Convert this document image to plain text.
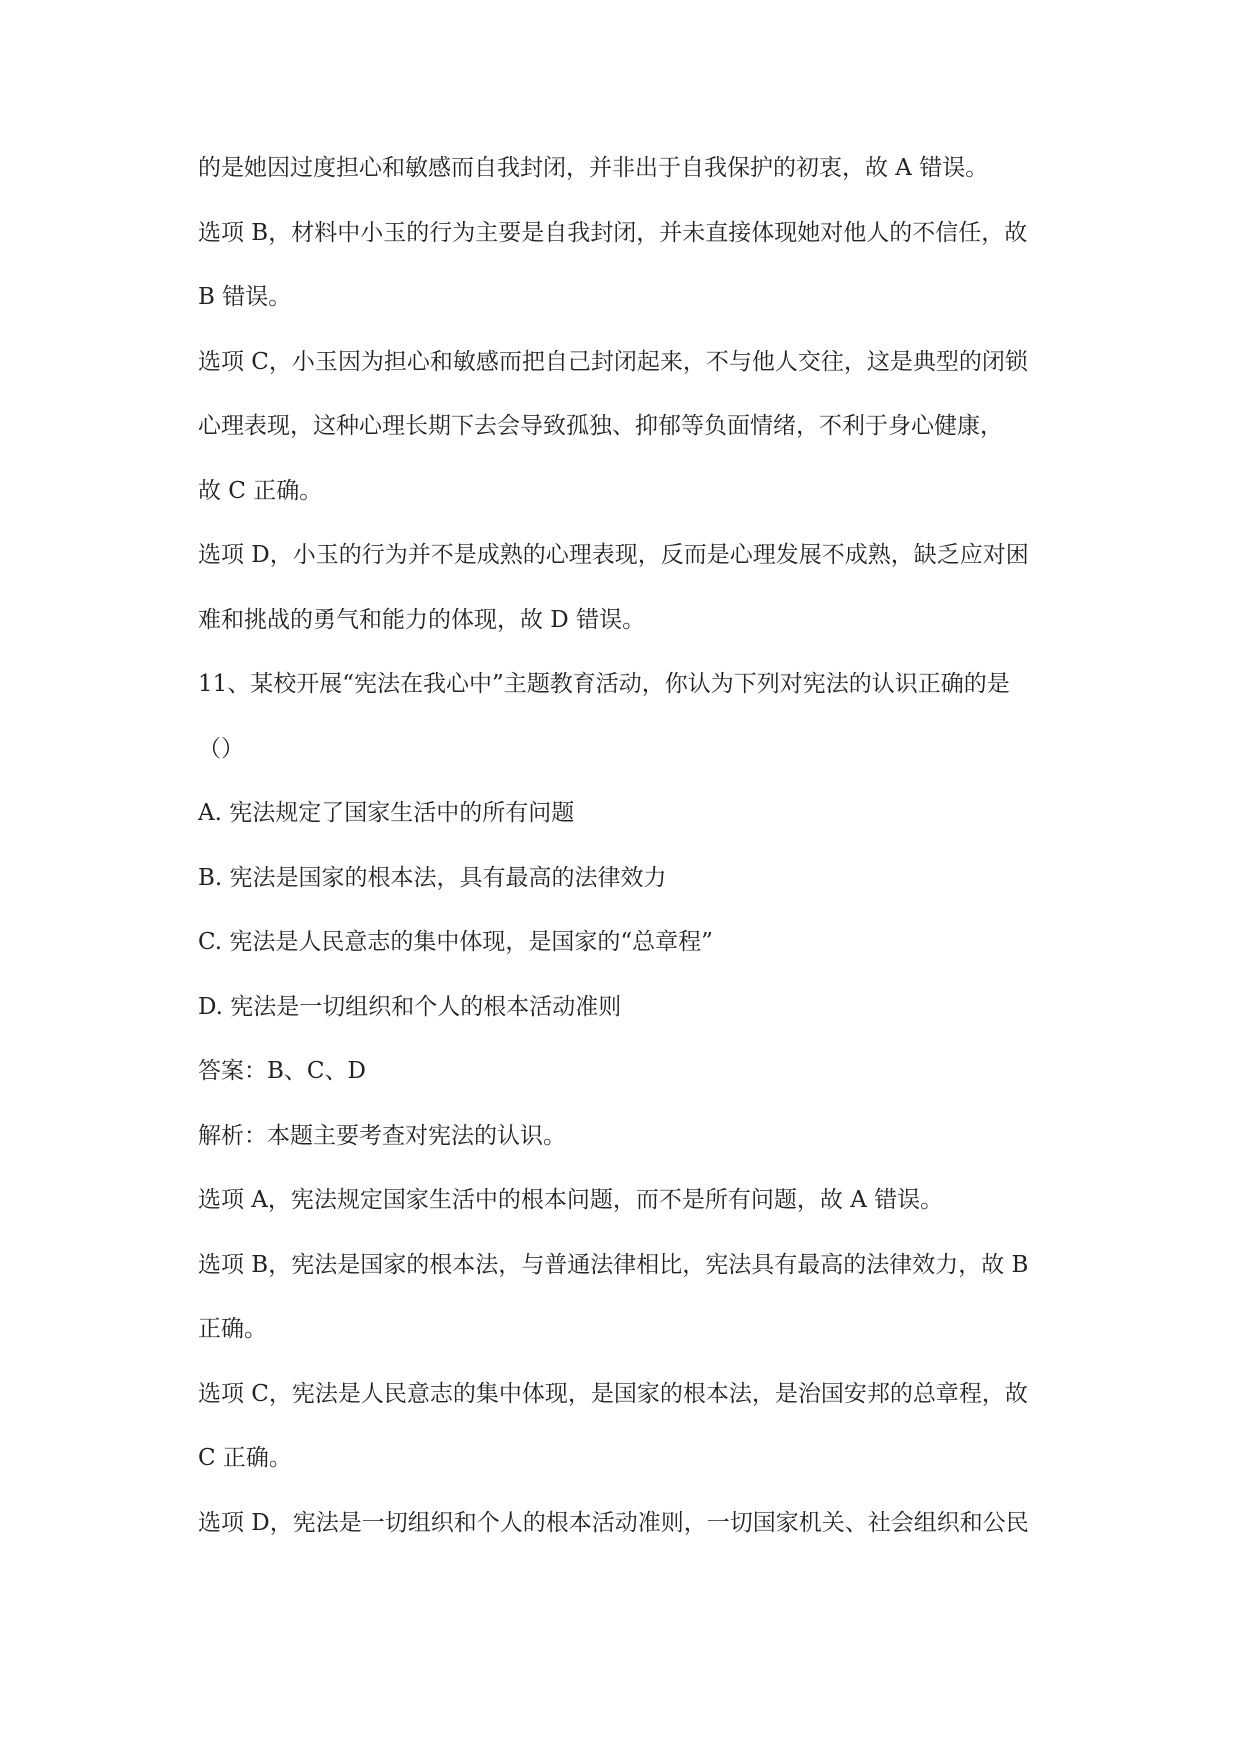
的是她因过度担心和敏感而自我封闭，并非出于自我保护的初衷，故 A 错误。
选项 B，材料中小玉的行为主要是自我封闭，并未直接体现她对他人的不信任，故
B 错误。
选项 C，小玉因为担心和敏感而把自己封闭起来，不与他人交往，这是典型的闭锁
心理表现，这种心理长期下去会导致孤独、抑郁等负面情绪，不利于身心健康，
故 C 正确。
选项 D，小玉的行为并不是成熟的心理表现，反而是心理发展不成熟，缺乏应对困
难和挑战的勇气和能力的体现，故 D 错误。
11、某校开展“宪法在我心中”主题教育活动，你认为下列对宪法的认识正确的是
（）
A. 宪法规定了国家生活中的所有问题
B. 宪法是国家的根本法，具有最高的法律效力
C. 宪法是人民意志的集中体现，是国家的“总章程”
D. 宪法是一切组织和个人的根本活动准则
答案：B、C、D
解析：本题主要考查对宪法的认识。
选项 A，宪法规定国家生活中的根本问题，而不是所有问题，故 A 错误。
选项 B，宪法是国家的根本法，与普通法律相比，宪法具有最高的法律效力，故 B
正确。
选项 C，宪法是人民意志的集中体现，是国家的根本法，是治国安邦的总章程，故
C 正确。
选项 D，宪法是一切组织和个人的根本活动准则，一切国家机关、社会组织和公民
